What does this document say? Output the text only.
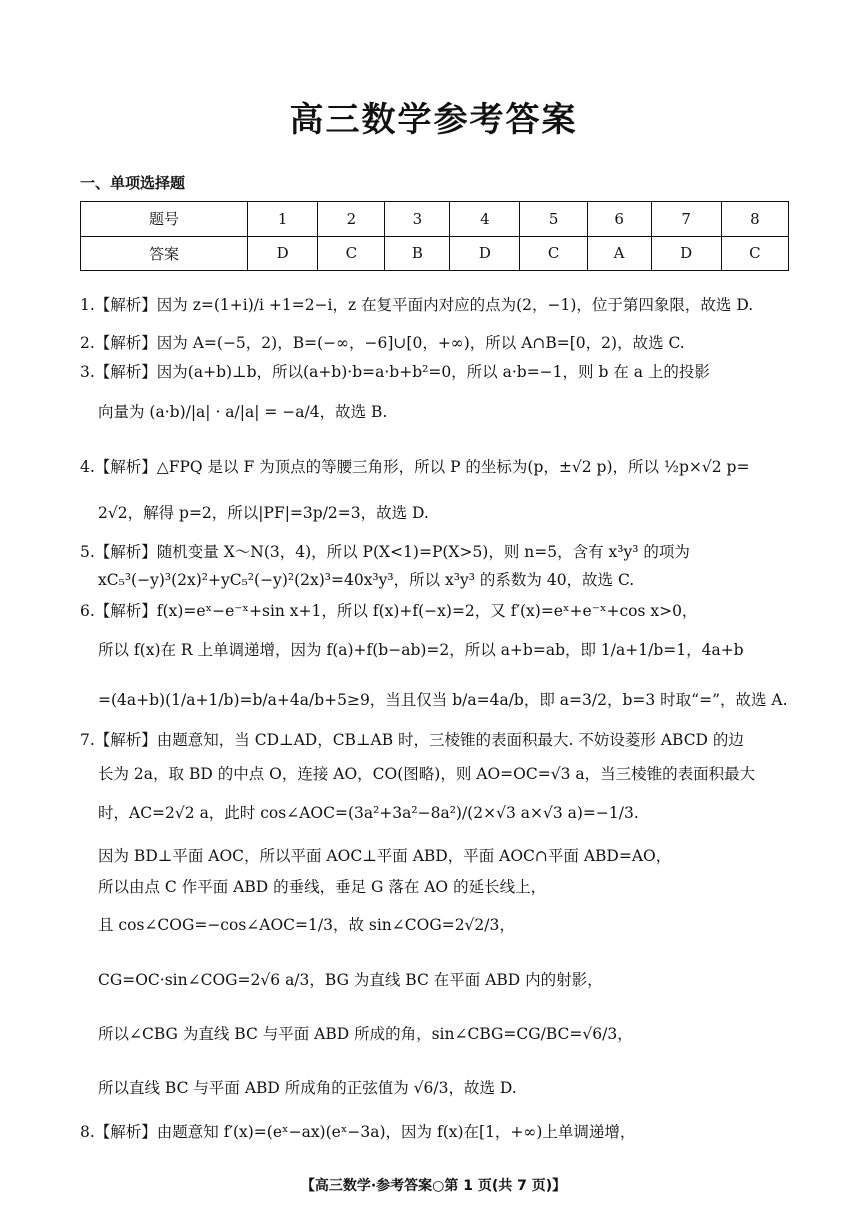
高三数学参考答案
一、单项选择题
题号	1	2	3	4	5	6	7	8
答案	D	C	B	D	C	A	D	C
1.【解析】因为 z=(1+i)/i +1=2−i，z 在复平面内对应的点为(2，−1)，位于第四象限，故选 D.
2.【解析】因为 A=(−5，2)，B=(−∞，−6]∪[0，+∞)，所以 A∩B=[0，2)，故选 C.
3.【解析】因为(a+b)⊥b，所以(a+b)·b=a·b+b²=0，所以 a·b=−1，则 b 在 a 上的投影
向量为 (a·b)/|a| · a/|a| = −a/4，故选 B.
4.【解析】△FPQ 是以 F 为顶点的等腰三角形，所以 P 的坐标为(p，±√2 p)，所以 ½p×√2 p=
2√2，解得 p=2，所以|PF|=3p/2=3，故选 D.
5.【解析】随机变量 X～N(3，4)，所以 P(X<1)=P(X>5)，则 n=5，含有 x³y³ 的项为
xC₅³(−y)³(2x)²+yC₅²(−y)²(2x)³=40x³y³，所以 x³y³ 的系数为 40，故选 C.
6.【解析】f(x)=eˣ−e⁻ˣ+sin x+1，所以 f(x)+f(−x)=2，又 f′(x)=eˣ+e⁻ˣ+cos x>0，
所以 f(x)在 R 上单调递增，因为 f(a)+f(b−ab)=2，所以 a+b=ab，即 1/a+1/b=1，4a+b
=(4a+b)(1/a+1/b)=b/a+4a/b+5≥9，当且仅当 b/a=4a/b，即 a=3/2，b=3 时取“=”，故选 A.
7.【解析】由题意知，当 CD⊥AD，CB⊥AB 时，三棱锥的表面积最大. 不妨设菱形 ABCD 的边
长为 2a，取 BD 的中点 O，连接 AO，CO(图略)，则 AO=OC=√3 a，当三棱锥的表面积最大
时，AC=2√2 a，此时 cos∠AOC=(3a²+3a²−8a²)/(2×√3 a×√3 a)=−1/3.
因为 BD⊥平面 AOC，所以平面 AOC⊥平面 ABD，平面 AOC∩平面 ABD=AO，
所以由点 C 作平面 ABD 的垂线，垂足 G 落在 AO 的延长线上，
且 cos∠COG=−cos∠AOC=1/3，故 sin∠COG=2√2/3，
CG=OC·sin∠COG=2√6 a/3，BG 为直线 BC 在平面 ABD 内的射影，
所以∠CBG 为直线 BC 与平面 ABD 所成的角，sin∠CBG=CG/BC=√6/3，
所以直线 BC 与平面 ABD 所成角的正弦值为 √6/3，故选 D.
8.【解析】由题意知 f′(x)=(eˣ−ax)(eˣ−3a)，因为 f(x)在[1，+∞)上单调递增，
【高三数学·参考答案○第 1 页(共 7 页)】
